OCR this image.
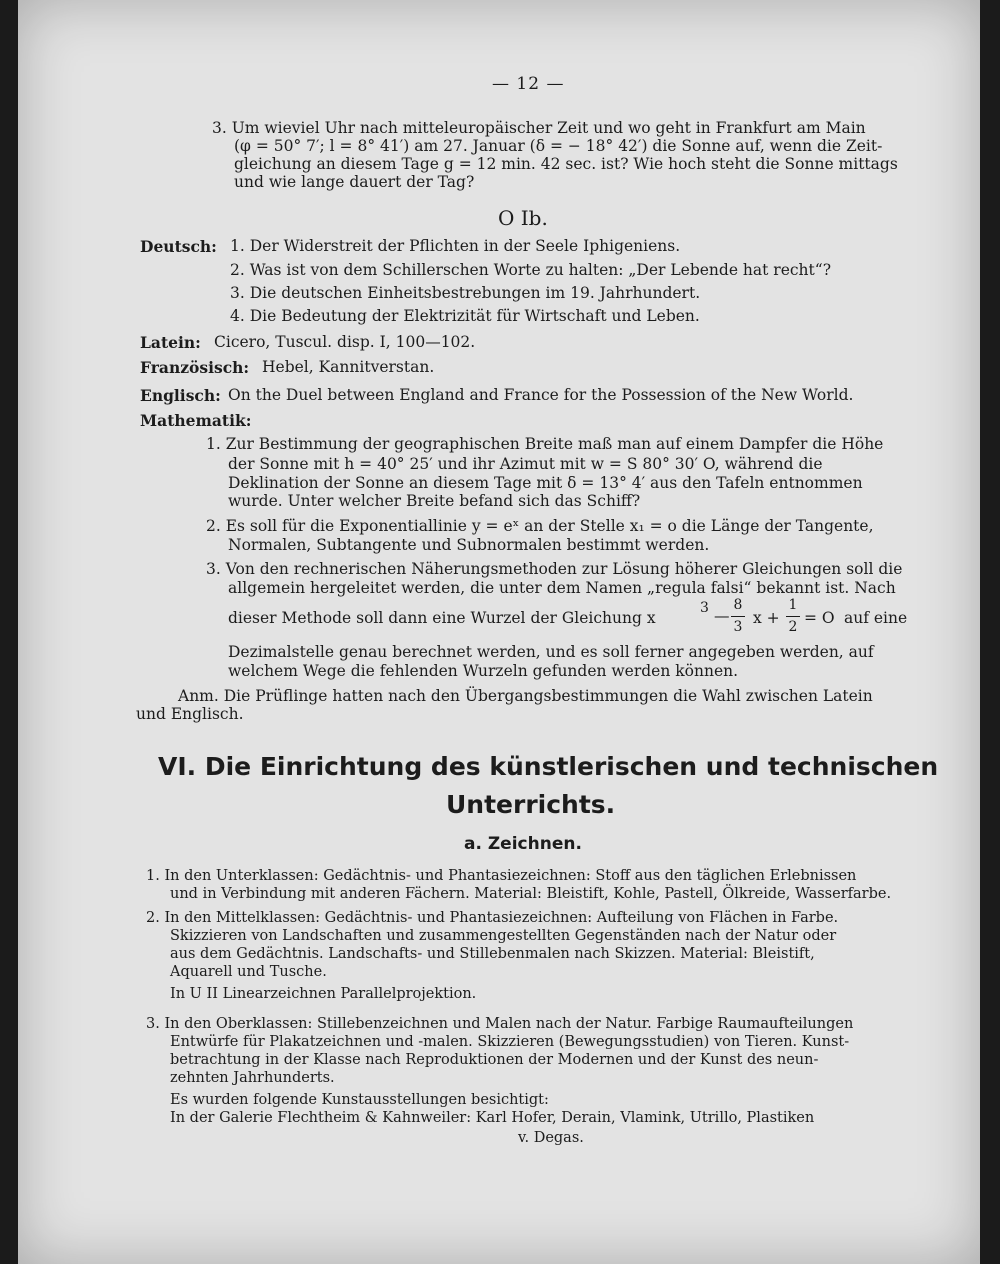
— 12 —
3. Um wieviel Uhr nach mitteleuropäischer Zeit und wo geht in Frankfurt am Main
(φ = 50° 7′; l = 8° 41′) am 27. Januar (δ = − 18° 42′) die Sonne auf, wenn die Zeit-
gleichung an diesem Tage g = 12 min. 42 sec. ist? Wie hoch steht die Sonne mittags
und wie lange dauert der Tag?
O Ib.
Deutsch: 1. Der Widerstreit der Pflichten in der Seele Iphigeniens.
2. Was ist von dem Schillerschen Worte zu halten: „Der Lebende hat recht“?
3. Die deutschen Einheitsbestrebungen im 19. Jahrhundert.
4. Die Bedeutung der Elektrizität für Wirtschaft und Leben.
Latein: Cicero, Tuscul. disp. I, 100—102.
Französisch: Hebel, Kannitverstan.
Englisch: On the Duel between England and France for the Possession of the New World.
Mathematik:
1. Zur Bestimmung der geographischen Breite maß man auf einem Dampfer die Höhe
der Sonne mit h = 40° 25′ und ihr Azimut mit w = S 80° 30′ O, während die
Deklination der Sonne an diesem Tage mit δ = 13° 4′ aus den Tafeln entnommen
wurde. Unter welcher Breite befand sich das Schiff?
2. Es soll für die Exponentiallinie y = eˣ an der Stelle x₁ = o die Länge der Tangente,
Normalen, Subtangente und Subnormalen bestimmt werden.
3. Von den rechnerischen Näherungsmethoden zur Lösung höherer Gleichungen soll die
allgemein hergeleitet werden, die unter dem Namen „regula falsi“ bekannt ist. Nach
dieser Methode soll dann eine Wurzel der Gleichung x
3 —
8
3 x +
1
2 = O auf eine
Dezimalstelle genau berechnet werden, und es soll ferner angegeben werden, auf
welchem Wege die fehlenden Wurzeln gefunden werden können.
Anm. Die Prüflinge hatten nach den Übergangsbestimmungen die Wahl zwischen Latein
und Englisch.
VI. Die Einrichtung des künstlerischen und technischen
Unterrichts.
a. Zeichnen.
1. In den Unterklassen: Gedächtnis- und Phantasiezeichnen: Stoff aus den täglichen Erlebnissen
und in Verbindung mit anderen Fächern. Material: Bleistift, Kohle, Pastell, Ölkreide, Wasserfarbe.
2. In den Mittelklassen: Gedächtnis- und Phantasiezeichnen: Aufteilung von Flächen in Farbe.
Skizzieren von Landschaften und zusammengestellten Gegenständen nach der Natur oder
aus dem Gedächtnis. Landschafts- und Stillebenmalen nach Skizzen. Material: Bleistift,
Aquarell und Tusche.
In U II Linearzeichnen Parallelprojektion.
3. In den Oberklassen: Stillebenzeichnen und Malen nach der Natur. Farbige Raumaufteilungen
Entwürfe für Plakatzeichnen und -malen. Skizzieren (Bewegungsstudien) von Tieren. Kunst-
betrachtung in der Klasse nach Reproduktionen der Modernen und der Kunst des neun-
zehnten Jahrhunderts.
Es wurden folgende Kunstausstellungen besichtigt:
In der Galerie Flechtheim & Kahnweiler: Karl Hofer, Derain, Vlamink, Utrillo, Plastiken
v. Degas.
